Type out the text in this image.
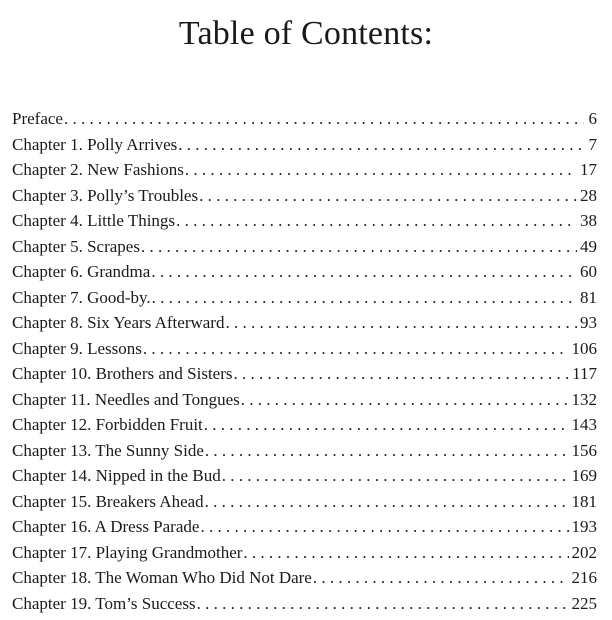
Table of Contents:
Preface . . .	6
Chapter 1. Polly Arrives . . .	7
Chapter 2. New Fashions . . .	17
Chapter 3. Polly’s Troubles . . .	28
Chapter 4. Little Things . . .	38
Chapter 5. Scrapes . . .	49
Chapter 6. Grandma . . .	60
Chapter 7. Good-by. . . .	81
Chapter 8. Six Years Afterward . . .	93
Chapter 9. Lessons . . .	106
Chapter 10. Brothers and Sisters . . .	117
Chapter 11. Needles and Tongues . . .	132
Chapter 12. Forbidden Fruit . . .	143
Chapter 13. The Sunny Side . . .	156
Chapter 14. Nipped in the Bud . . .	169
Chapter 15. Breakers Ahead . . .	181
Chapter 16. A Dress Parade . . .	193
Chapter 17. Playing Grandmother . . .	202
Chapter 18. The Woman Who Did Not Dare . . .	216
Chapter 19. Tom’s Success . . .	225
